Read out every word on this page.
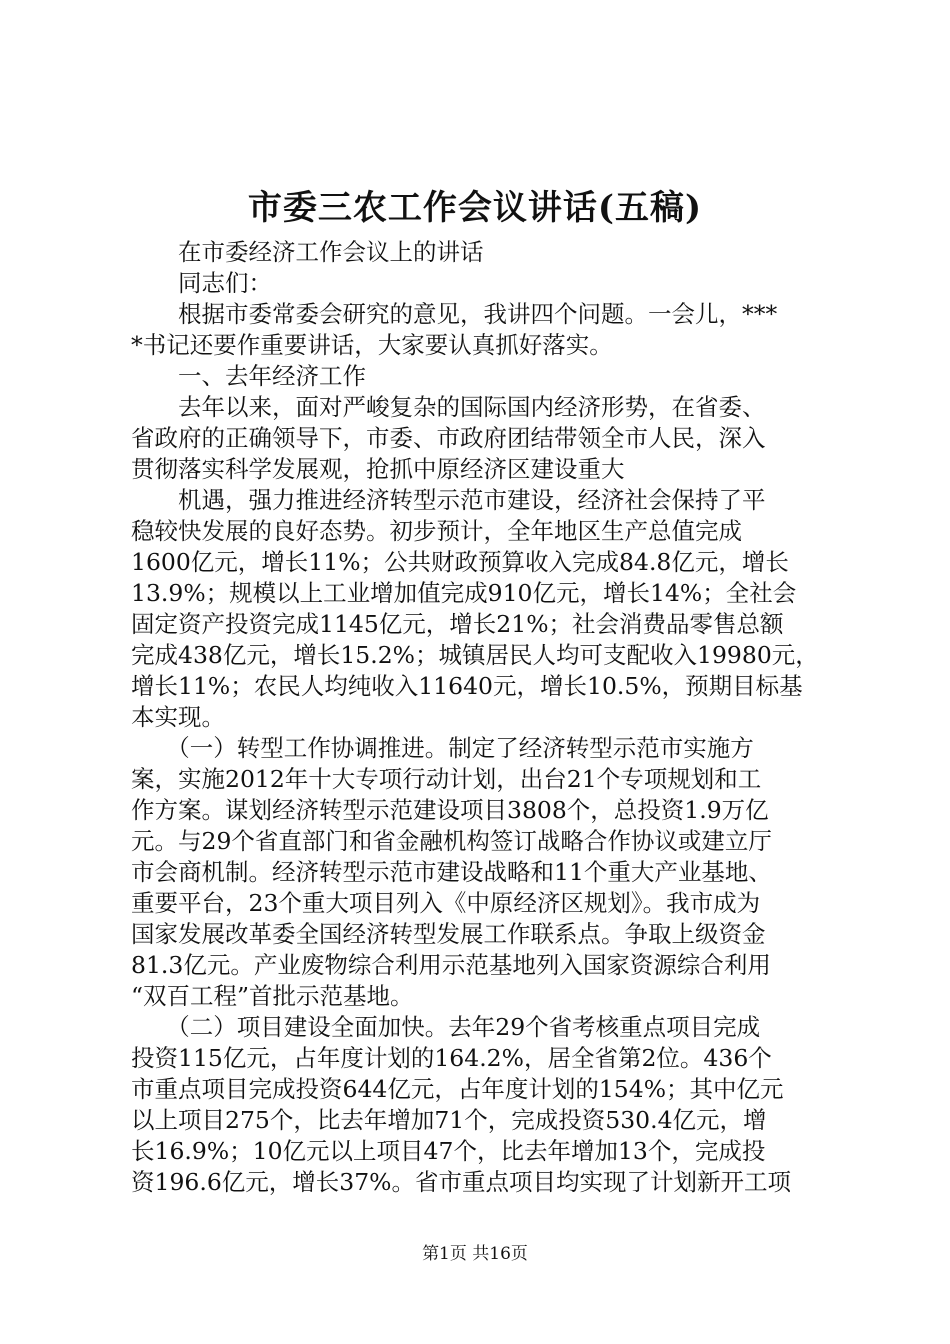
市委三农工作会议讲话(五稿)
　　在市委经济工作会议上的讲话
　　同志们：
　　根据市委常委会研究的意见，我讲四个问题。一会儿，***
*书记还要作重要讲话，大家要认真抓好落实。
　　一、去年经济工作
　　去年以来，面对严峻复杂的国际国内经济形势，在省委、
省政府的正确领导下，市委、市政府团结带领全市人民，深入
贯彻落实科学发展观，抢抓中原经济区建设重大
　　机遇，强力推进经济转型示范市建设，经济社会保持了平
稳较快发展的良好态势。初步预计，全年地区生产总值完成
1600亿元，增长11%；公共财政预算收入完成84.8亿元，增长
13.9%；规模以上工业增加值完成910亿元，增长14%；全社会
固定资产投资完成1145亿元，增长21%；社会消费品零售总额
完成438亿元，增长15.2%；城镇居民人均可支配收入19980元，
增长11%；农民人均纯收入11640元，增长10.5%，预期目标基
本实现。
　　（一）转型工作协调推进。制定了经济转型示范市实施方
案，实施2012年十大专项行动计划，出台21个专项规划和工
作方案。谋划经济转型示范建设项目3808个，总投资1.9万亿
元。与29个省直部门和省金融机构签订战略合作协议或建立厅
市会商机制。经济转型示范市建设战略和11个重大产业基地、
重要平台，23个重大项目列入《中原经济区规划》。我市成为
国家发展改革委全国经济转型发展工作联系点。争取上级资金
81.3亿元。产业废物综合利用示范基地列入国家资源综合利用
“双百工程”首批示范基地。
　　（二）项目建设全面加快。去年29个省考核重点项目完成
投资115亿元，占年度计划的164.2%，居全省第2位。436个
市重点项目完成投资644亿元，占年度计划的154%；其中亿元
以上项目275个，比去年增加71个，完成投资530.4亿元，增
长16.9%；10亿元以上项目47个，比去年增加13个，完成投
资196.6亿元，增长37%。省市重点项目均实现了计划新开工项
第1页 共16页
